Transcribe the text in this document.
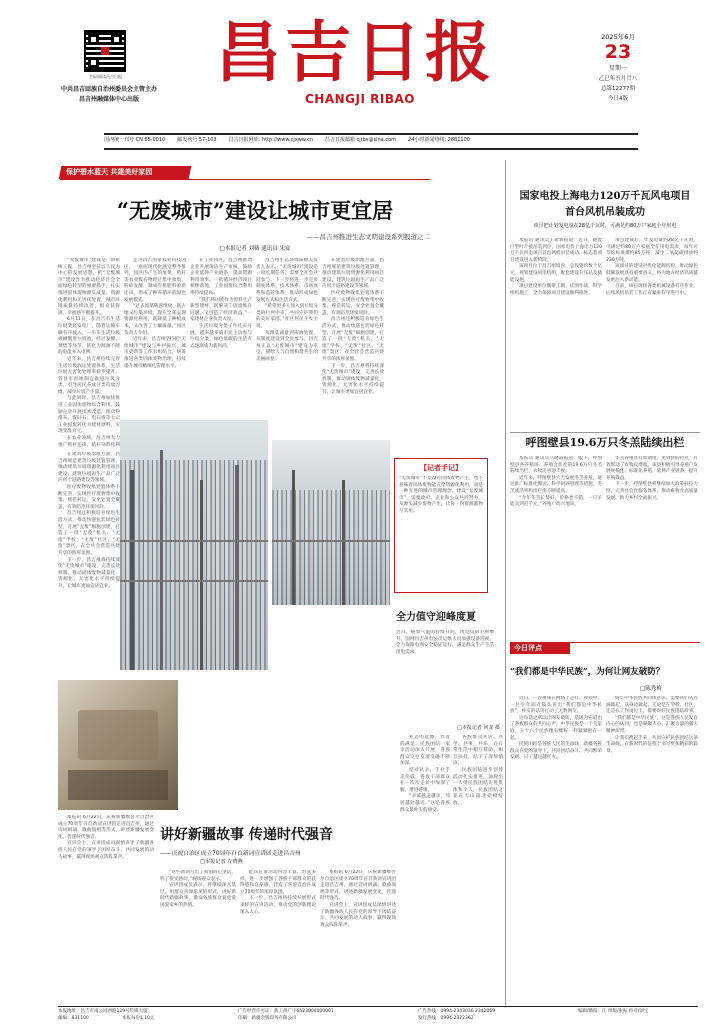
扫码阅读昌吉日报
中共昌吉回族自治州委员会主管主办
昌吉州融媒体中心出版
昌吉日报
CHANGJI RIBAO
2025年6月
23
星期一
乙巳年五月廿八
总第12277期
今日4版
国内统一刊号 CN 65-0010 邮发代号 57-103 昌吉日报网址: http://www.cjxww.cn 昌吉日报邮箱 cjrbs@sina.com 24小时新闻热线: 2881100
保护碧水蓝天 共建美好家园
“无废城市”建设让城市更宜居
——昌吉州推进生态文明建设系列报道之二
□本报记者 刘薇 通讯员 朱宴

“无废城市”建设是一项系统工程，昌吉州坚持以人民为中心的发展思想，把“无废城市”建设作为推动经济社会全面绿色转型的重要抓手，扎实推进固体废物源头减量、资源化利用和无害化处置，城市环境质量持续改善，群众获得感、幸福感不断提升。

6月11日，在昌吉市生活垃圾焚烧发电厂，随着运输车辆有序驶入，一车车生活垃圾被倾倒进垃圾池，经过发酵、焚烧等环节，转化为源源不断的电能并入电网。

近年来，昌吉州持续完善生活垃圾收运处置体系，生活垃圾无害化处理率稳步提升。各县市因地制宜推进垃圾分类，引导居民养成分类投放习惯，减少垃圾产生量。

与此同时，昌吉州加快推进工业固体废物综合利用，鼓励企业开展技术改造，推动粉煤灰、煤矸石、电石渣等大宗工业固废转化为建材原料，实现变废为宝。

在农业领域，昌吉州大力推广秸秆还田、秸秆饲料化利

在建筑垃圾治理方面，昌吉州规范建筑垃圾处置管理，推动建筑垃圾资源化利用项目建设，建筑垃圾再生产品广泛应用于道路建设等领域。

医疗废物收集处置体系不断完善，实现医疗废物集中收集、规范转运、安全处置全覆盖，有效防范环境风险。

昌吉州还积极培育绿色生活方式，推动快递包装绿色转型，开展“无废”细胞创建，打造了一批“无废”机关、“无废”学校、“无废”社区、“无废”景区，在全社会营造共建共享的浓厚氛围。

下一步，昌吉州将持续深化“无废城市”建设，完善长效机制，推动固体废物减量化、资源化、无害化水平持续提升，让城市更加宜居宜业。

走进昌吉国家农业科技园区，一座座现代化温室整齐排列，园区内产生的尾菜、秸秆等农业废弃物经过集中收集、粉碎发酵，制成有机肥料重新还田，形成了种养循环的绿色发展模式。

“过去尾菜随意堆放，既占地又污染环境，现在全部实现资源化利用，既降低了种植成本，又改善了土壤质量。”园区负责人介绍。

近年来，昌吉州坚持把“无废城市”建设与乡村振兴、城市更新等工作有机结合，统筹推进各类固体废物治理，持续提升城市精细化管理水平。

在工业园区，昌吉州推动企业开展清洁生产审核，鼓励企业延伸产业链条，提高资源利用效率。一批循环经济项目相继落地，工业固废综合利用率持续提高。

“我们将固废作为原料生产新型建材，既解决了固废堆存问题，又创造了经济效益。”一家建材企业负责人说。

生活垃圾分类工作扎实开展，越来越多的市民主动参与垃圾分类，绿色低碳的生活方式逐渐成为新风尚。

昌吉州生态环境局相关负责人表示，“无废城市”建设是一项长期任务，需要全社会共同参与。下一步将进一步完善制度体系、技术体系、市场体系和监管体系，推动形成绿色发展方式和生活方式。

“希望更多人加入到垃圾分类的行列中来，共同守护我们的美好家园。”社区居民王女士说。

从源头减量到末端处置，从制度建设到全民参与，昌吉州正以“无废城市”建设为牵引，描绘人与自然和谐共生的美丽画卷。

在建筑垃圾治理方面，昌吉州规范建筑垃圾处置管理，推动建筑垃圾资源化利用项目建设，建筑垃圾再生产品广泛应用于道路建设等领域。

医疗废物收集处置体系不断完善，实现医疗废物集中收集、规范转运、安全处置全覆盖，有效防范环境风险。

昌吉州还积极培育绿色生活方式，推动快递包装绿色转型，开展“无废”细胞创建，打造了一批“无废”机关、“无废”学校、“无废”社区、“无废”景区，在全社会营造共建共享的浓厚氛围。

下一步，昌吉州将持续深化“无废城市”建设，完善长效机制，推动固体废物减量化、资源化、无害化水平持续提升，让城市更加宜居宜业。

【记者手记】
“无废城市”不是没有固体废物产生，也不意味着固体废物能完全资源化利用，而是一种先进的城市管理理念。建设“无废城市”，需要政府、企业和公众共同努力，从源头减少废物产生，让每一份资源都物尽其用。
全力值守迎峰度夏
近日，随着气温的持续升高，用电负荷不断攀升。国网昌吉供电公司运维人员加强设备巡视，全力保障电网安全稳定运行，满足群众生产生活用电需求。
□本报记者 何龙 摄
讲好新疆故事 传递时代强音
——庆祝自治区成立70周年百首新词宣讲团走进昌吉州
□本报记者 左晓燕

本报讯 6月22日，庆祝新疆维吾尔自治区成立70周年百首新词宣讲团走进昌吉州，通过诗词朗诵、歌曲演唱等形式，讲述新疆发展变化，传递时代强音。

宣讲会上，宣讲团成员深情讲述了新疆各族人民在党的领导下团结奋斗、共同发展的动人故事，赢得现场观众阵阵掌声。

“这些新词写出了我们的心里话，听了很受感动。”现场观众表示。

宣讲团成员表示，将继续深入基层，用群众喜闻乐见的形式，讲好新时代新疆故事，激发各族群众爱党爱国爱家乡的热情。

此次宣讲活动内容丰富、形式多样，进一步增强了各族干部群众的获得感和自豪感，营造了喜迎自治区成立70周年的浓厚氛围。

下一步，昌吉州将持续开展形式多样的宣讲活动，推动党的创新理论深入人心。

本报讯 6月22日，庆祝新疆维吾尔自治区成立70周年百首新词宣讲团走进昌吉州，通过诗词朗诵、歌曲演唱等形式，讲述新疆发展变化，传递时代强音。

宣讲会上，宣讲团成员深情讲述了新疆各族人民在党的领导下团结奋斗、共同发展的动人故事，赢得现场观众阵阵掌声。

业态的起源，作者的满足。民族团结一家亲活动深入开展，各族群众交往交流交融不断加深。

结对认亲、手拉手走亲戚，各族干部群众在一次次走访中加深了解、增进感情。

“亲戚越走越亲，邻居越处越近。”这是各族群众最朴实的感受。

各族群众共居、共学、共事、共乐，在日常生活中相互帮助、相互扶持，结下了深厚情谊。

民族团结进步创建活动扎实推进，涌现出一大批民族团结先进集体和个人，民族团结之花在天山南北竞相绽放。

国家电投上海电力120万千瓦风电项目
首台风机吊装成功
项目把计划发电量在28亿千瓦时，可满足约80万户家庭全年用电

本报讯 通讯员王新新报道：近日，随着巨型叶片被吊装到位，国家电投上海电力120万千瓦风电项目首台风机吊装成功，标志着项目建设进入新阶段。

该项目位于昌吉州境内，总投资约数十亿元，规划建设风电机组，配套建设升压站及储能设施。

项目建设单位倒排工期、挂图作战，科学组织施工，全力保障项目建设顺利推进。

项目建成后，年发电量约28亿千瓦时，可满足约80万户家庭全年用电需求，每年可节约标准煤约85万吨，减少二氧化碳排放约230万吨。

该项目的建设对优化能源结构、推动绿色低碳发展具有重要意义，将为地方经济高质量发展注入新动能。

目前，项目现场各类机械设备有序作业，后续风机吊装工作正在紧张有序进行中。

呼图壁县19.6万只冬羔陆续出栏

本报讯 通讯员马晓霞报道：眼下，呼图壁县各养殖场、养殖合作社的19.6万只冬羔陆续出栏，农牧民喜迎丰收。

近年来，呼图壁县大力发展冬羔养殖，通过推广标准化圈舍、科学饲养管理等措施，冬羔成活率和出栏率不断提高。

“今年冬羔长势好，价格也不错，一只羊能卖到近千元。”养殖户高兴地说。

冬羔养殖具有周期短、见效快的特点，有效带动了农牧民增收。该县积极引导养殖户发展规模化、标准化养殖，延伸产业链条，提升养殖效益。

下一步，呼图壁县将继续加大政策扶持力度，完善社会化服务体系，推动畜牧业高质量发展，助力乡村全面振兴。

今日评点
“我们都是中华民族”，为何让网友破防？
□陈秀梅

近日，一段视频在网络上走红。视频中，一位少年面对镜头说出“我们都是中华民族”，朴实的话语打动了无数网友。

这句话之所以让网友破防，是因为它道出了各族群众的共同心声。中华民族是一个大家庭，五十六个民族像石榴籽一样紧紧抱在一起。

民族团结是各族人民的生命线。新疆各族群众在党的领导下，共同团结奋斗、共同繁荣发展，日子越过越红火。

铸牢中华民族共同体意识，需要我们从点滴做起，从身边做起。无论是在学校、社区，还是在工作岗位上，都要讲好民族团结故事。

“我们都是中华民族”，这是各族人民发自内心的认同，也是凝聚人心、汇聚力量的强大精神纽带。

让我们携起手来，共同守护民族团结这条生命线，在新时代的征程上书写更加精彩的篇章。

本报地址：昌吉市南公园西路129号传媒大厦
邮编：831100	本报每份1.10元
广告经营许可证：新工商广字6523004000001
印刷：新疆金版印务有限公司
广告热线：0994-2343036 2342069
发行热线：0994-2322362
编辑/播报：汪 组版/张振 校对/刘宝
